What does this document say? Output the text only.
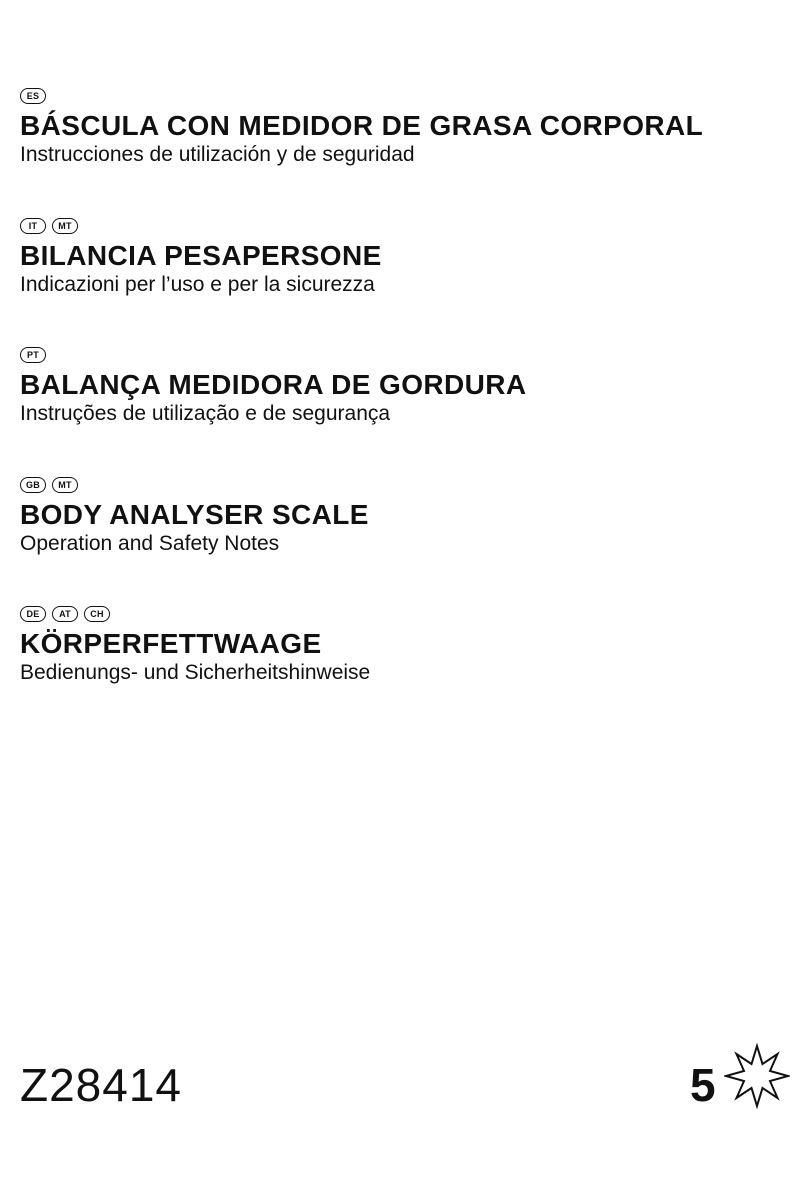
ES
BÁSCULA CON MEDIDOR DE GRASA CORPORAL
Instrucciones de utilización y de seguridad
IT	MT
BILANCIA PESAPERSONE
Indicazioni per l’uso e per la sicurezza
PT
BALANÇA MEDIDORA DE GORDURA
Instruções de utilização e de segurança
GB	MT
BODY ANALYSER SCALE
Operation and Safety Notes
DE	AT	CH
KÖRPERFETTWAAGE
Bedienungs- und Sicherheitshinweise
Z28414	5
